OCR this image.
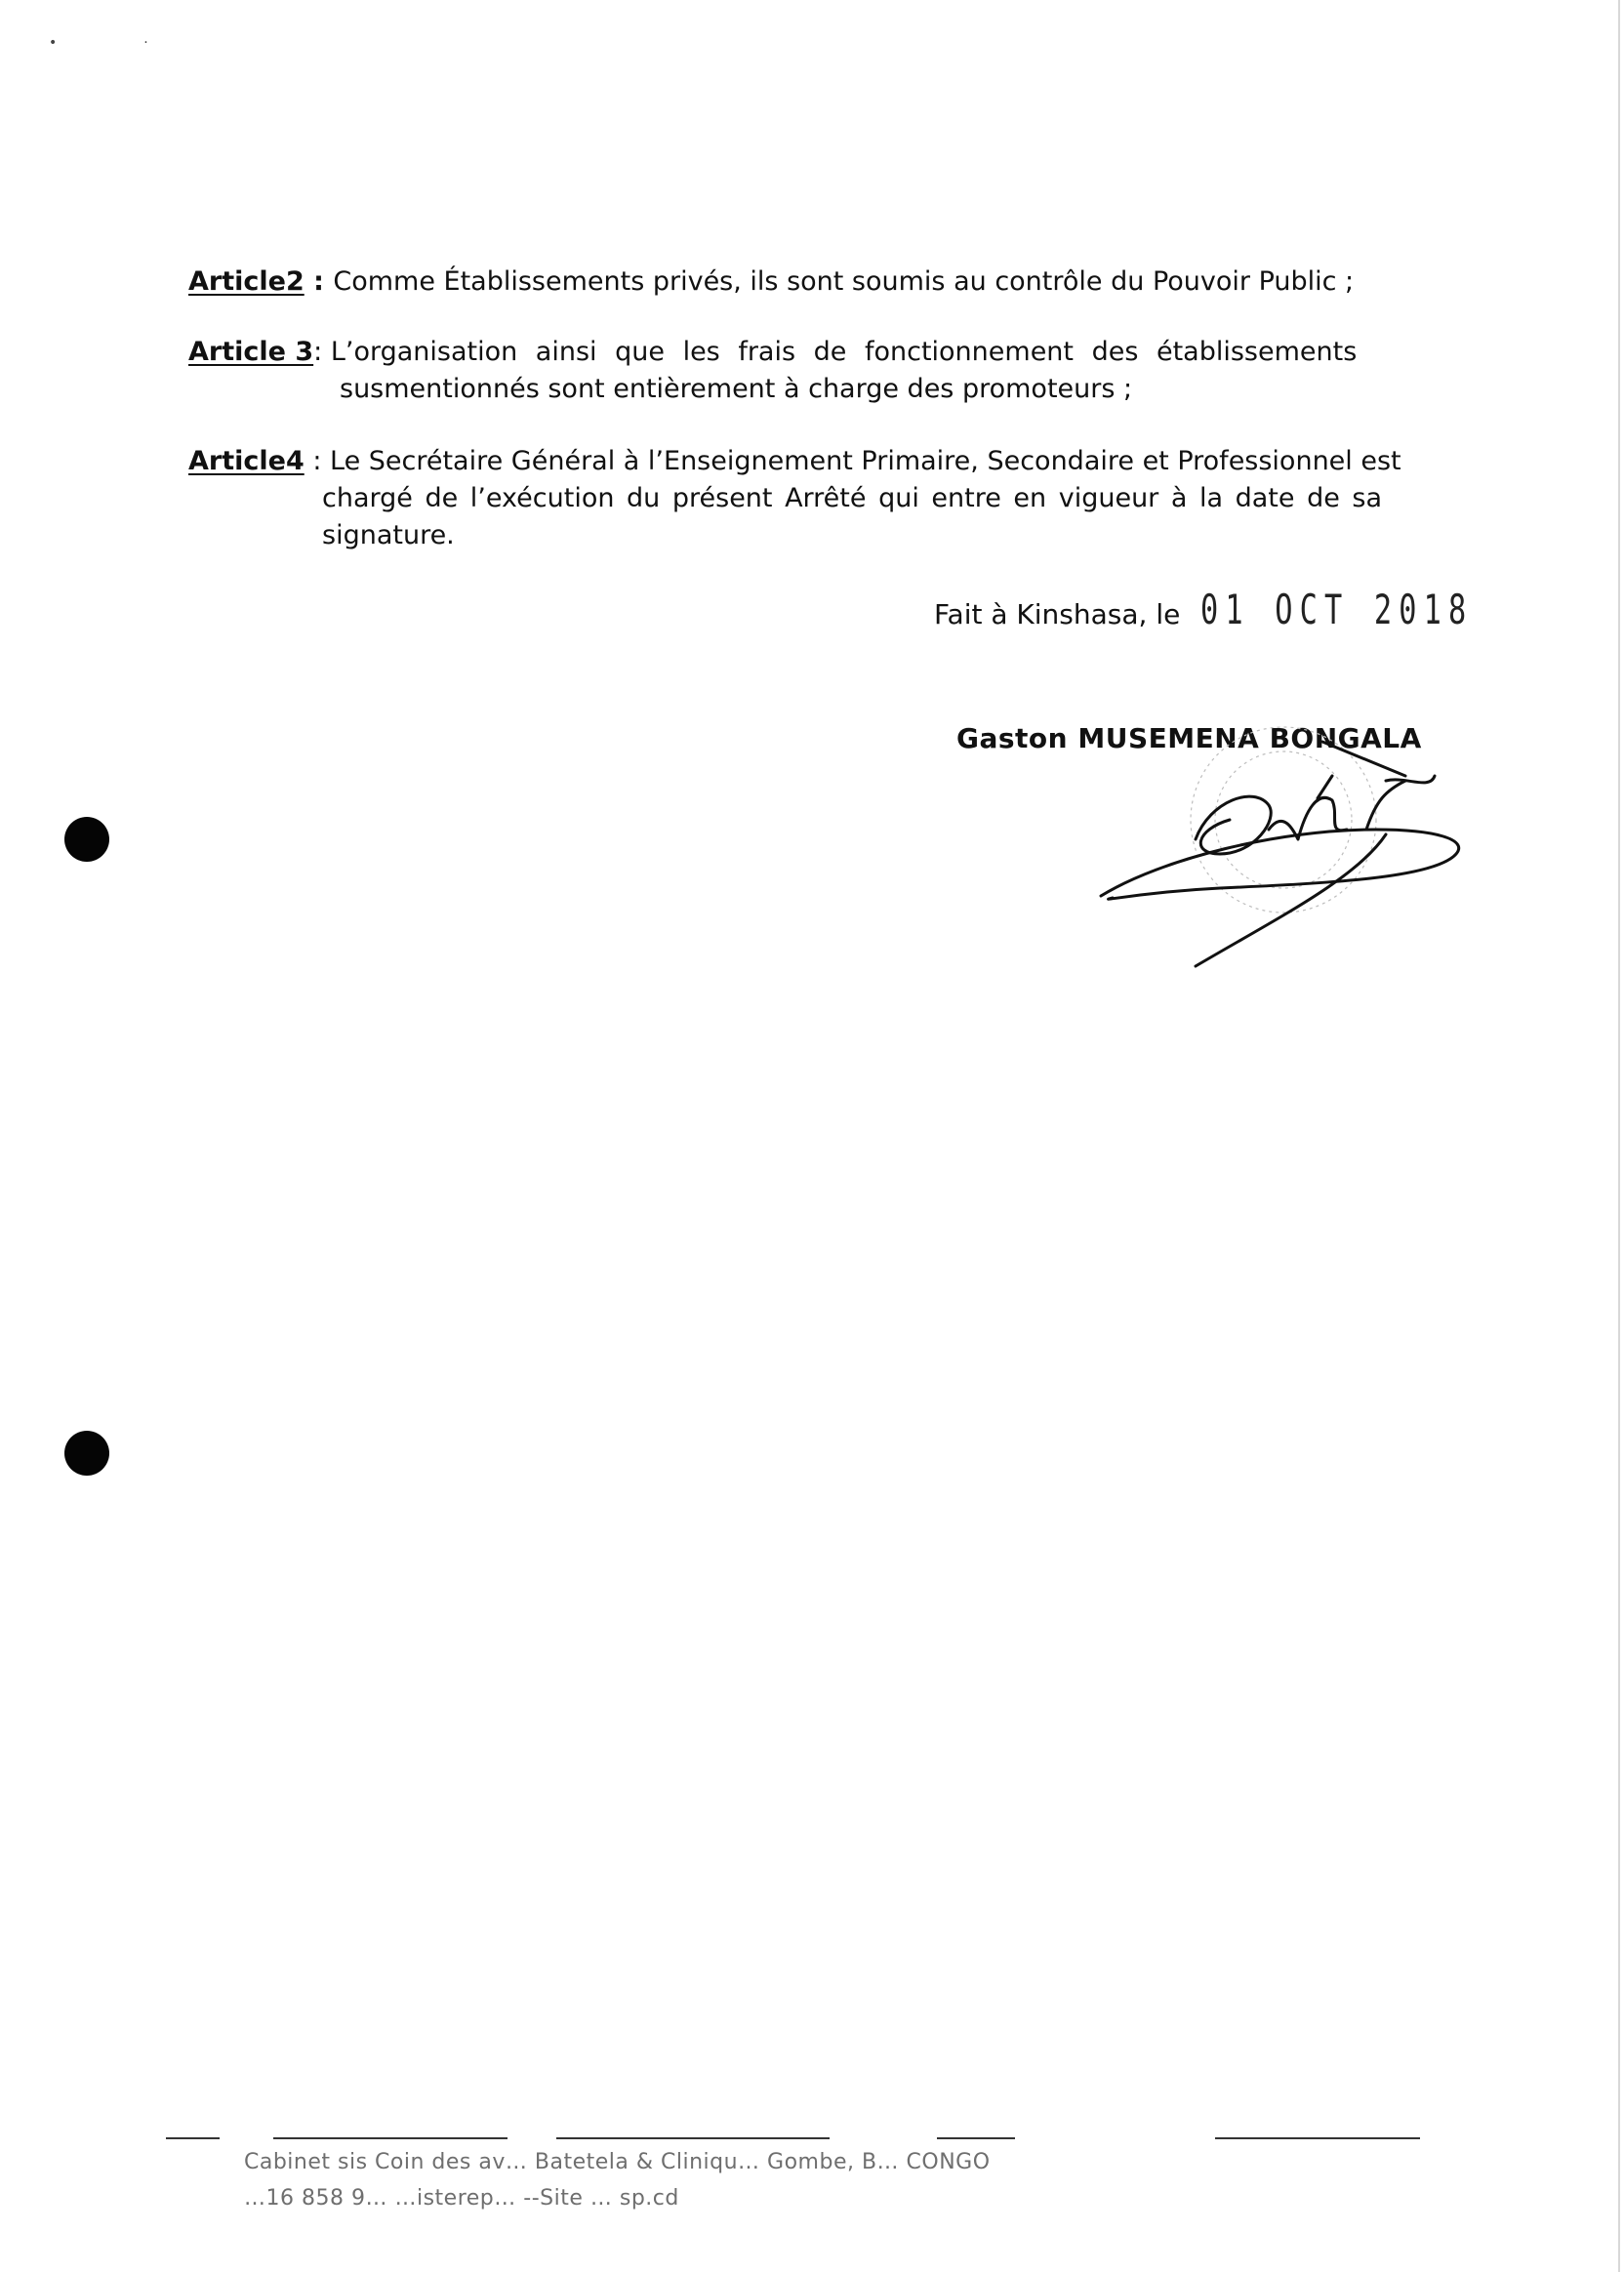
•                    ·
Article2 : Comme Établissements privés, ils sont soumis au contrôle du Pouvoir Public ;
Article 3: L’organisation ainsi que les frais de fonctionnement des établissements
susmentionnés sont entièrement à charge des promoteurs ;
Article4 : Le Secrétaire Général à l’Enseignement Primaire, Secondaire et Professionnel est
chargé de l’exécution du présent Arrêté qui entre en vigueur à la date de sa
signature.
Fait à Kinshasa, le 01 OCT 2018
Gaston MUSEMENA BONGALA
Cabinet sis Coin des av… Batetela & Cliniqu… Gombe, B… CONGO
…16 858 9… …isterep… --Site … sp.cd
